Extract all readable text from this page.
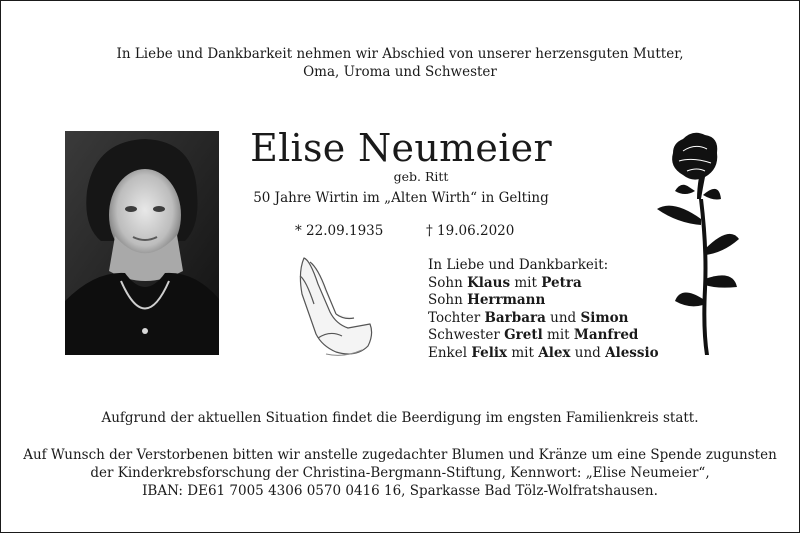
In Liebe und Dankbarkeit nehmen wir Abschied von unserer herzensguten Mutter,
Oma, Uroma und Schwester
Elise Neumeier
geb. Ritt
50 Jahre Wirtin im „Alten Wirth“ in Gelting
* 22.09.1935	† 19.06.2020
In Liebe und Dankbarkeit:
Sohn Klaus mit Petra
Sohn Herrmann
Tochter Barbara und Simon
Schwester Gretl mit Manfred
Enkel Felix mit Alex und Alessio
Aufgrund der aktuellen Situation findet die Beerdigung im engsten Familienkreis statt.
Auf Wunsch der Verstorbenen bitten wir anstelle zugedachter Blumen und Kränze um eine Spende zugunsten
der Kinderkrebsforschung der Christina-Bergmann-Stiftung, Kennwort: „Elise Neumeier“,
IBAN: DE61 7005 4306 0570 0416 16, Sparkasse Bad Tölz-Wolfratshausen.
